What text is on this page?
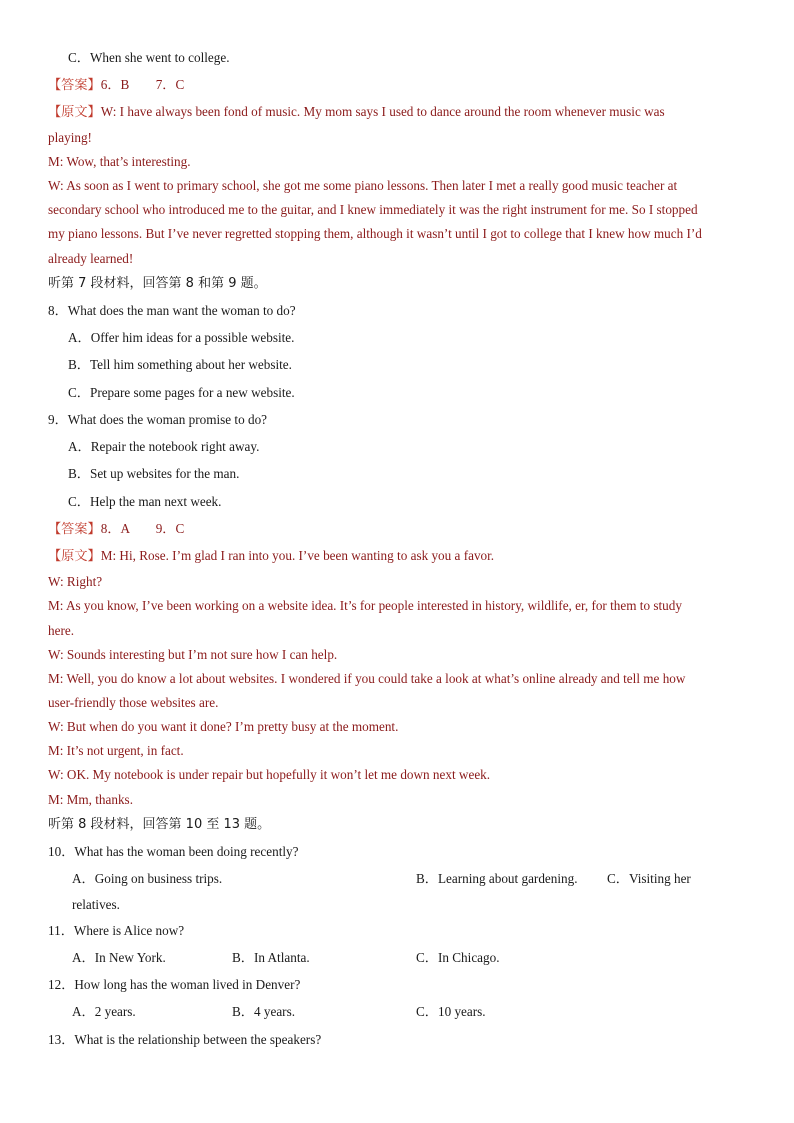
C．When she went to college.
【答案】6．B　　7．C
【原文】W: I have always been fond of music. My mom says I used to dance around the room whenever music was
playing!
M: Wow, that’s interesting.
W: As soon as I went to primary school, she got me some piano lessons. Then later I met a really good music teacher at
secondary school who introduced me to the guitar, and I knew immediately it was the right instrument for me. So I stopped
my piano lessons. But I’ve never regretted stopping them, although it wasn’t until I got to college that I knew how much I’d
already learned!
听第 7 段材料，回答第 8 和第 9 题。
8．What does the man want the woman to do?
A．Offer him ideas for a possible website.
B．Tell him something about her website.
C．Prepare some pages for a new website.
9．What does the woman promise to do?
A．Repair the notebook right away.
B．Set up websites for the man.
C．Help the man next week.
【答案】8．A　　9．C
【原文】M: Hi, Rose. I’m glad I ran into you. I’ve been wanting to ask you a favor.
W: Right?
M: As you know, I’ve been working on a website idea. It’s for people interested in history, wildlife, er, for them to study
here.
W: Sounds interesting but I’m not sure how I can help.
M: Well, you do know a lot about websites. I wondered if you could take a look at what’s online already and tell me how
user-friendly those websites are.
W: But when do you want it done? I’m pretty busy at the moment.
M: It’s not urgent, in fact.
W: OK. My notebook is under repair but hopefully it won’t let me down next week.
M: Mm, thanks.
听第 8 段材料，回答第 10 至 13 题。
10．What has the woman been doing recently?
A．Going on business trips.	B．Learning about gardening. C．Visiting her
relatives.
11．Where is Alice now?
A．In New York.	B．In Atlanta.	C．In Chicago.
12．How long has the woman lived in Denver?
A．2 years.	B．4 years.	C．10 years.
13．What is the relationship between the speakers?
